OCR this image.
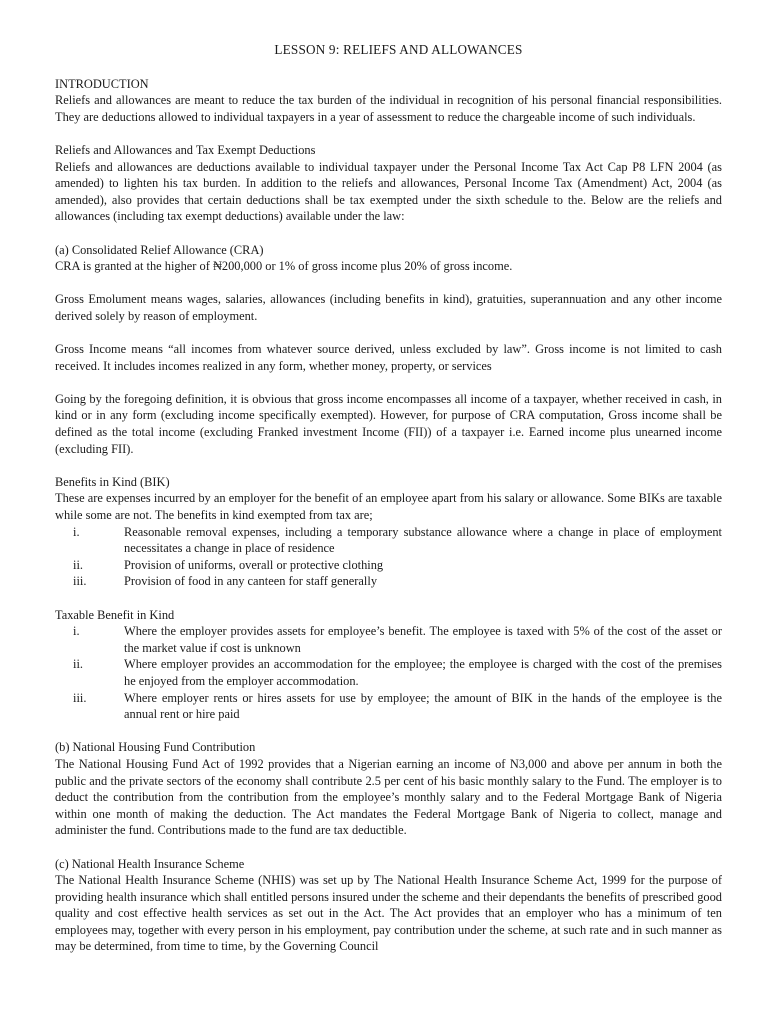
LESSON 9: RELIEFS AND ALLOWANCES
INTRODUCTION

Reliefs and allowances are meant to reduce the tax burden of the individual in recognition of his personal financial responsibilities. They are deductions allowed to individual taxpayers in a year of assessment to reduce the chargeable income of such individuals.

Reliefs and Allowances and Tax Exempt Deductions

Reliefs and allowances are deductions available to individual taxpayer under the Personal Income Tax Act Cap P8 LFN 2004 (as amended) to lighten his tax burden. In addition to the reliefs and allowances, Personal Income Tax (Amendment) Act, 2004 (as amended), also provides that certain deductions shall be tax exempted under the sixth schedule to the. Below are the reliefs and allowances (including tax exempt deductions) available under the law:

(a) Consolidated Relief Allowance (CRA)

CRA is granted at the higher of ₦200,000 or 1% of gross income plus 20% of gross income.

Gross Emolument means wages, salaries, allowances (including benefits in kind), gratuities, superannuation and any other income derived solely by reason of employment.

Gross Income means “all incomes from whatever source derived, unless excluded by law”. Gross income is not limited to cash received. It includes incomes realized in any form, whether money, property, or services

Going by the foregoing definition, it is obvious that gross income encompasses all income of a taxpayer, whether received in cash, in kind or in any form (excluding income specifically exempted). However, for purpose of CRA computation, Gross income shall be defined as the total income (excluding Franked investment Income (FII)) of a taxpayer i.e. Earned income plus unearned income (excluding FII).

Benefits in Kind (BIK)

These are expenses incurred by an employer for the benefit of an employee apart from his salary or allowance. Some BIKs are taxable while some are not. The benefits in kind exempted from tax are;

i.	Reasonable removal expenses, including a temporary substance allowance where a change in place of employment necessitates a change in place of residence
ii.	Provision of uniforms, overall or protective clothing
iii.	Provision of food in any canteen for staff generally
Taxable Benefit in Kind
i.	Where the employer provides assets for employee’s benefit. The employee is taxed with 5% of the cost of the asset or the market value if cost is unknown
ii.	Where employer provides an accommodation for the employee; the employee is charged with the cost of the premises he enjoyed from the employer accommodation.
iii.	Where employer rents or hires assets for use by employee; the amount of BIK in the hands of the employee is the annual rent or hire paid
(b) National Housing Fund Contribution

The National Housing Fund Act of 1992 provides that a Nigerian earning an income of N3,000 and above per annum in both the public and the private sectors of the economy shall contribute 2.5 per cent of his basic monthly salary to the Fund. The employer is to deduct the contribution from the contribution from the employee’s monthly salary and to the Federal Mortgage Bank of Nigeria within one month of making the deduction. The Act mandates the Federal Mortgage Bank of Nigeria to collect, manage and administer the fund. Contributions made to the fund are tax deductible.

(c) National Health Insurance Scheme

The National Health Insurance Scheme (NHIS) was set up by The National Health Insurance Scheme Act, 1999 for the purpose of providing health insurance which shall entitled persons insured under the scheme and their dependants the benefits of prescribed good quality and cost effective health services as set out in the Act. The Act provides that an employer who has a minimum of ten employees may, together with every person in his employment, pay contribution under the scheme, at such rate and in such manner as may be determined, from time to time, by the Governing Council
